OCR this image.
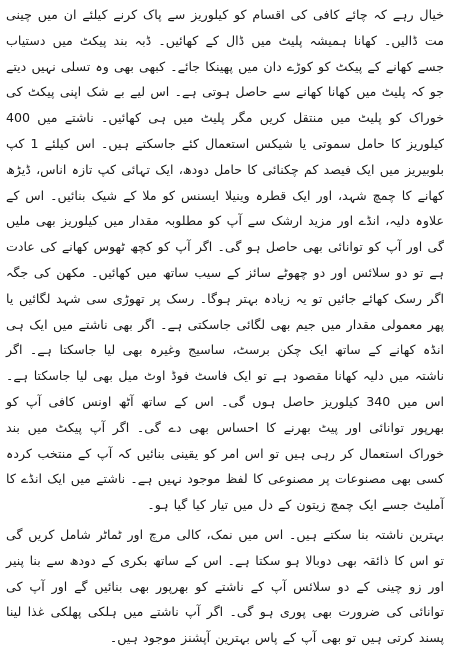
خیال رہے کہ چائے کافی کی اقسام کو کیلوریز سے پاک کرنے کیلئے ان میں چینی مت ڈالیں۔ کھانا ہمیشہ پلیٹ میں ڈال کے کھائیں۔ ڈبہ بند پیکٹ میں دستیاب جسے کھانے کے پیکٹ کو کوڑے دان میں پھینکا جائے۔ کبھی بھی وہ تسلی نہیں دیتے جو کہ پلیٹ میں کھانا کھانے سے حاصل ہوتی ہے۔ اس لیے بے شک اپنی پیکٹ کی خوراک کو پلیٹ میں منتقل کریں مگر پلیٹ میں ہی کھائیں۔ ناشتے میں 400 کیلوریز کا حامل سموتی یا شیکس استعمال کئے جاسکتے ہیں۔ اس کیلئے 1 کپ بلوبیریز میں ایک فیصد کم چکنائی کا حامل دودھ، ایک تہائی کپ تازہ اناس، ڈیڑھ کھانے کا چمچ شہد، اور ایک قطرہ وینیلا ایسنس کو ملا کے شیک بنائیں۔ اس کے علاوہ دلیہ، انڈے اور مزید ارشک سے آپ کو مطلوبہ مقدار میں کیلوریز بھی ملیں گی اور آپ کو توانائی بھی حاصل ہو گی۔ اگر آپ کو کچھ ٹھوس کھانے کی عادت ہے تو دو سلائس اور دو چھوٹے سائز کے سیب ساتھ میں کھائیں۔ مکھن کی جگہ اگر رسک کھائے جائیں تو یہ زیادہ بہتر ہوگا۔ رسک پر تھوڑی سی شہد لگائیں یا پھر معمولی مقدار میں جیم بھی لگائی جاسکتی ہے۔ اگر بھی ناشتے میں ایک ہی انڈہ کھانے کے ساتھ ایک چکن برسٹ، ساسیج وغیرہ بھی لیا جاسکتا ہے۔ اگر ناشتہ میں دلیہ کھانا مقصود ہے تو ایک فاسٹ فوڈ اوٹ میل بھی لیا جاسکتا ہے۔ اس میں 340 کیلوریز حاصل ہوں گی۔ اس کے ساتھ آٹھ اونس کافی آپ کو بھرپور توانائی اور پیٹ بھرنے کا احساس بھی دے گی۔ اگر آپ پیکٹ میں بند خوراک استعمال کر رہی ہیں تو اس امر کو یقینی بنائیں کہ آپ کے منتخب کردہ کسی بھی مصنوعات پر مصنوعی کا لفظ موجود نہیں ہے۔ ناشتے میں ایک انڈے کا آملیٹ جسے ایک چمچ زیتون کے دل میں تیار کیا گیا ہو۔

بہترین ناشتہ بنا سکتے ہیں۔ اس میں نمک، کالی مرچ اور ٹماٹر شامل کریں گی تو اس کا ذائقہ بھی دوبالا ہو سکتا ہے۔ اس کے ساتھ بکری کے دودھ سے بنا پنیر اور زو چینی کے دو سلائس آپ کے ناشتے کو بھرپور بھی بنائیں گے اور آپ کی توانائی کی ضرورت بھی پوری ہو گی۔ اگر آپ ناشتے میں ہلکی پھلکی غذا لینا پسند کرتی ہیں تو بھی آپ کے پاس بہترین آپشنز موجود ہیں۔
